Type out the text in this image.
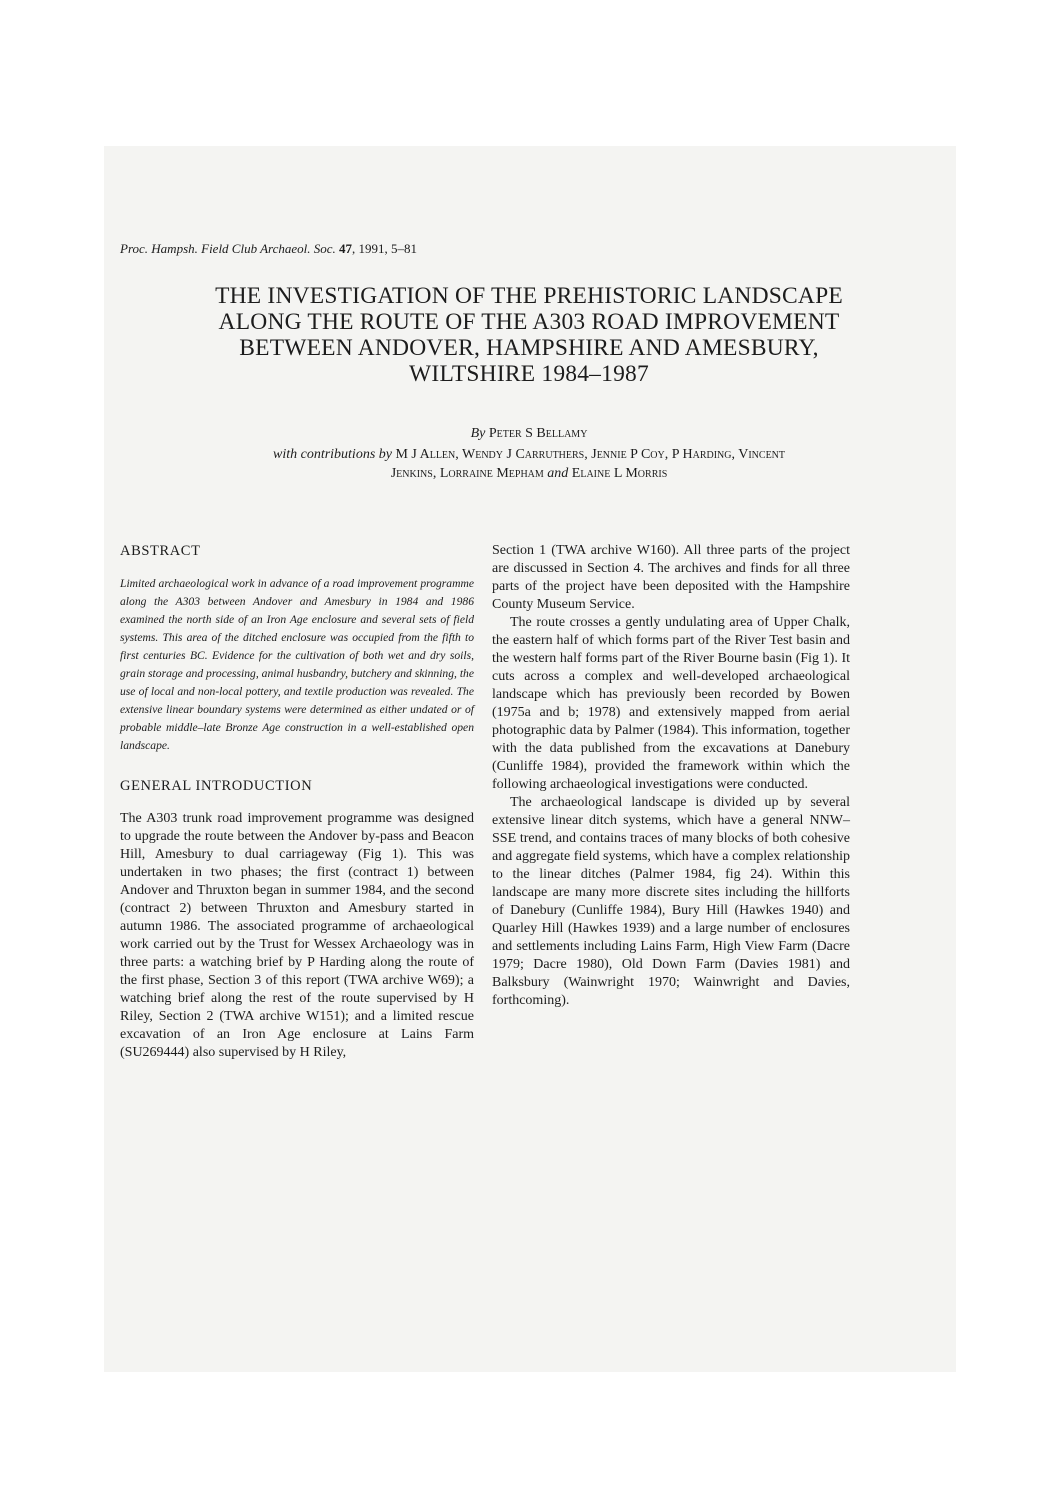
Proc. Hampsh. Field Club Archaeol. Soc. 47, 1991, 5–81
THE INVESTIGATION OF THE PREHISTORIC LANDSCAPE
ALONG THE ROUTE OF THE A303 ROAD IMPROVEMENT
BETWEEN ANDOVER, HAMPSHIRE AND AMESBURY,
WILTSHIRE 1984–1987
By Peter S Bellamy
with contributions by M J Allen, Wendy J Carruthers, Jennie P Coy, P Harding, Vincent
Jenkins, Lorraine Mepham and Elaine L Morris
ABSTRACT

Limited archaeological work in advance of a road improvement programme along the A303 between Andover and Amesbury in 1984 and 1986 examined the north side of an Iron Age enclosure and several sets of field systems. This area of the ditched enclosure was occupied from the fifth to first centuries BC. Evidence for the cultivation of both wet and dry soils, grain storage and processing, animal husbandry, butchery and skinning, the use of local and non-local pottery, and textile production was revealed. The extensive linear boundary systems were determined as either undated or of probable middle–late Bronze Age construction in a well-established open landscape.

GENERAL INTRODUCTION

The A303 trunk road improvement programme was designed to upgrade the route between the Andover by-pass and Beacon Hill, Amesbury to dual carriageway (Fig 1). This was undertaken in two phases; the first (contract 1) between Andover and Thruxton began in summer 1984, and the second (contract 2) between Thruxton and Amesbury started in autumn 1986. The associated programme of archaeological work carried out by the Trust for Wessex Archaeology was in three parts: a watching brief by P Harding along the route of the first phase, Section 3 of this report (TWA archive W69); a watching brief along the rest of the route supervised by H Riley, Section 2 (TWA archive W151); and a limited rescue excavation of an Iron Age enclosure at Lains Farm (SU269444) also supervised by H Riley,

Section 1 (TWA archive W160). All three parts of the project are discussed in Section 4. The archives and finds for all three parts of the project have been deposited with the Hampshire County Museum Service.

The route crosses a gently undulating area of Upper Chalk, the eastern half of which forms part of the River Test basin and the western half forms part of the River Bourne basin (Fig 1). It cuts across a complex and well-developed archaeological landscape which has previously been recorded by Bowen (1975a and b; 1978) and extensively mapped from aerial photographic data by Palmer (1984). This information, together with the data published from the excavations at Danebury (Cunliffe 1984), provided the framework within which the following archaeological investigations were conducted.

The archaeological landscape is divided up by several extensive linear ditch systems, which have a general NNW–SSE trend, and contains traces of many blocks of both cohesive and aggregate field systems, which have a complex relationship to the linear ditches (Palmer 1984, fig 24). Within this landscape are many more discrete sites including the hillforts of Danebury (Cunliffe 1984), Bury Hill (Hawkes 1940) and Quarley Hill (Hawkes 1939) and a large number of enclosures and settlements including Lains Farm, High View Farm (Dacre 1979; Dacre 1980), Old Down Farm (Davies 1981) and Balksbury (Wainwright 1970; Wainwright and Davies, forthcoming).
